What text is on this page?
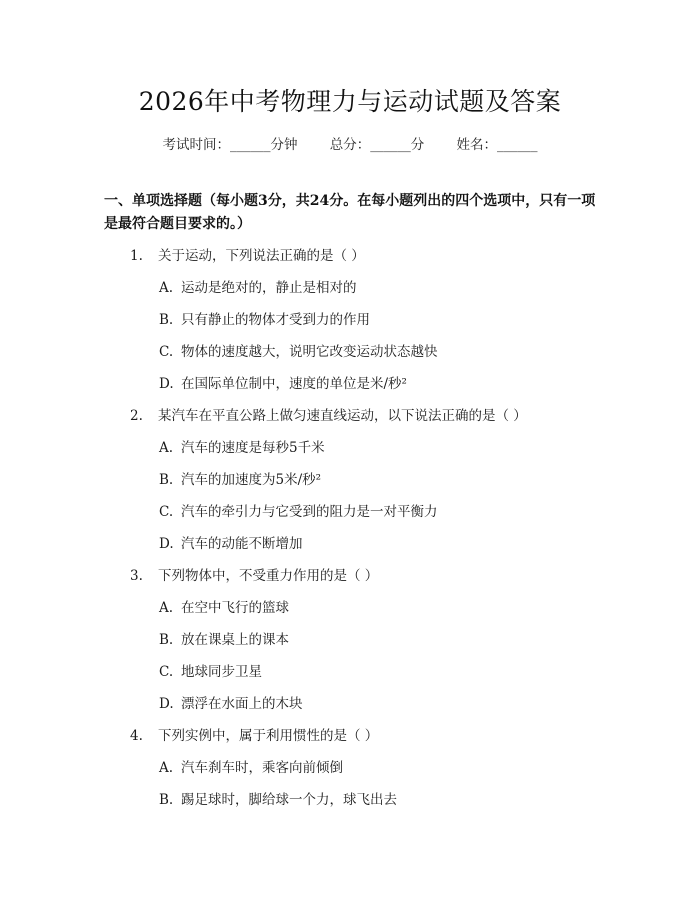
2026年中考物理力与运动试题及答案
考试时间：______分钟 总分：______分 姓名：______
一、单项选择题（每小题3分，共24分。在每小题列出的四个选项中，只有一项是最符合题目要求的。）
1. 关于运动，下列说法正确的是（ ）
A. 运动是绝对的，静止是相对的
B. 只有静止的物体才受到力的作用
C. 物体的速度越大，说明它改变运动状态越快
D. 在国际单位制中，速度的单位是米/秒²
2. 某汽车在平直公路上做匀速直线运动，以下说法正确的是（ ）
A. 汽车的速度是每秒5千米
B. 汽车的加速度为5米/秒²
C. 汽车的牵引力与它受到的阻力是一对平衡力
D. 汽车的动能不断增加
3. 下列物体中，不受重力作用的是（ ）
A. 在空中飞行的篮球
B. 放在课桌上的课本
C. 地球同步卫星
D. 漂浮在水面上的木块
4. 下列实例中，属于利用惯性的是（ ）
A. 汽车刹车时，乘客向前倾倒
B. 踢足球时，脚给球一个力，球飞出去
